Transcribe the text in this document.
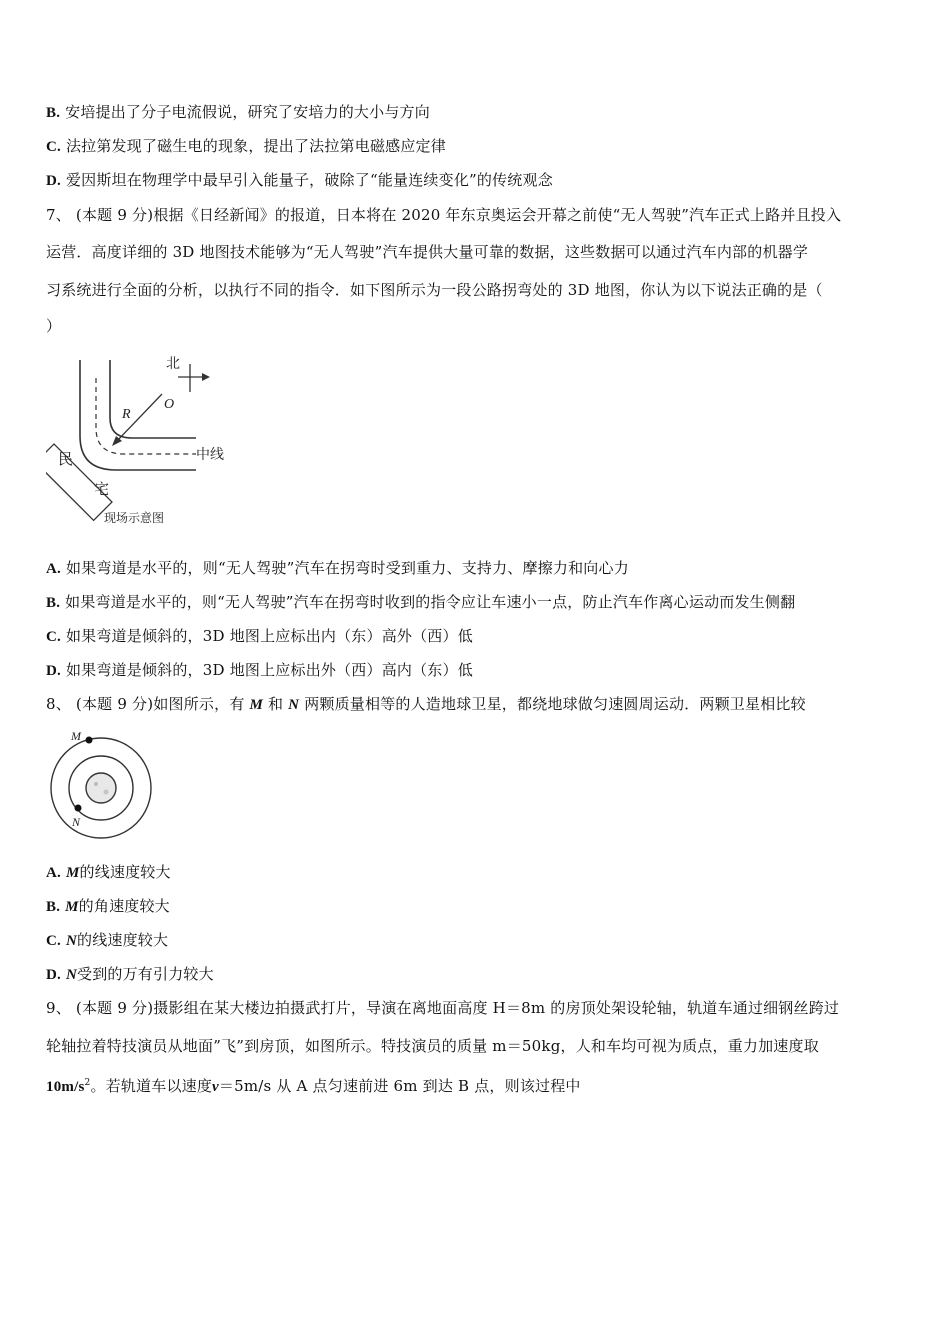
B. 安培提出了分子电流假说，研究了安培力的大小与方向
C. 法拉第发现了磁生电的现象，提出了法拉第电磁感应定律
D. 爱因斯坦在物理学中最早引入能量子，破除了“能量连续变化”的传统观念
7、 (本题 9 分)根据《日经新闻》的报道，日本将在 2020 年东京奥运会开幕之前使“无人驾驶”汽车正式上路并且投入
运营．高度详细的 3D 地图技术能够为“无人驾驶”汽车提供大量可靠的数据，这些数据可以通过汽车内部的机器学
习系统进行全面的分析，以执行不同的指令．如下图所示为一段公路拐弯处的 3D 地图，你认为以下说法正确的是（
）
北
O
R
中线
民
宅
现场示意图
A. 如果弯道是水平的，则“无人驾驶”汽车在拐弯时受到重力、支持力、摩擦力和向心力
B. 如果弯道是水平的，则“无人驾驶”汽车在拐弯时收到的指令应让车速小一点，防止汽车作离心运动而发生侧翻
C. 如果弯道是倾斜的，3D 地图上应标出内（东）高外（西）低
D. 如果弯道是倾斜的，3D 地图上应标出外（西）高内（东）低
8、 (本题 9 分)如图所示，有 M 和 N 两颗质量相等的人造地球卫星，都绕地球做匀速圆周运动．两颗卫星相比较
M
N
A. M的线速度较大
B. M的角速度较大
C. N的线速度较大
D. N受到的万有引力较大
9、 (本题 9 分)摄影组在某大楼边拍摄武打片，导演在离地面高度 H＝8m 的房顶处架设轮轴，轨道车通过细钢丝跨过
轮轴拉着特技演员从地面”飞”到房顶，如图所示。特技演员的质量 m＝50kg，人和车均可视为质点，重力加速度取
$10m/s^2$。若轨道车以速度v＝5m/s 从 A 点匀速前进 6m 到达 B 点，则该过程中
